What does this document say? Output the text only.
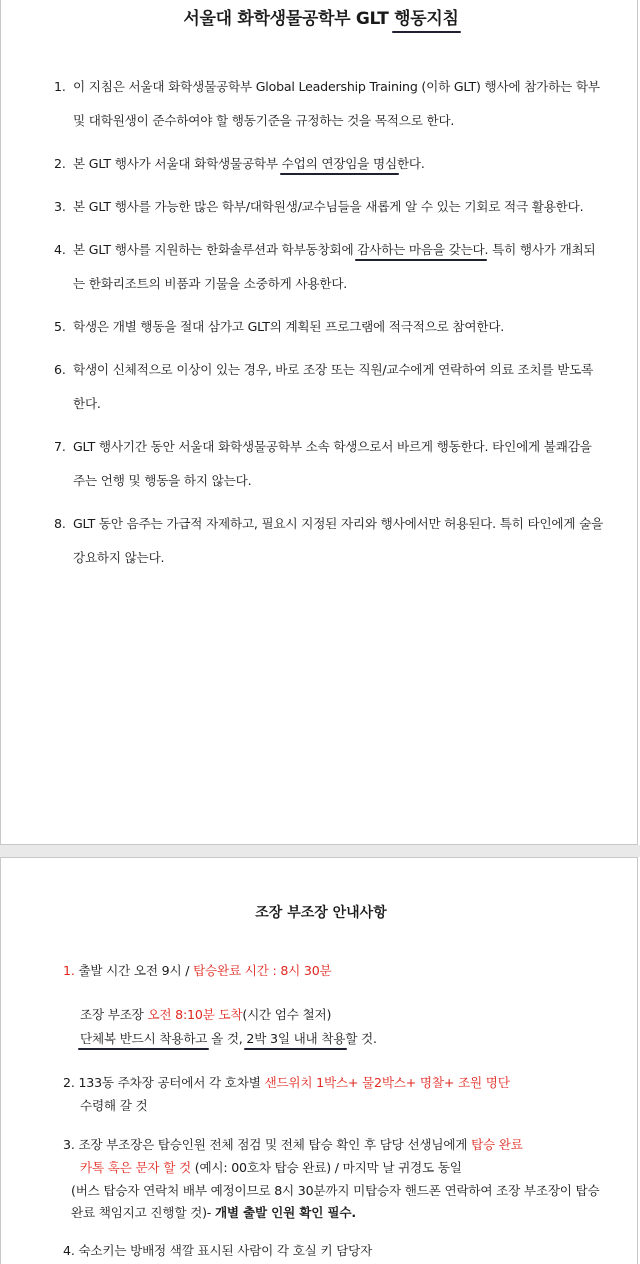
서울대 화학생물공학부 GLT 행동지침
1. 이 지침은 서울대 화학생물공학부 Global Leadership Training (이하 GLT) 행사에 참가하는 학부 및 대학원생이 준수하여야 할 행동기준을 규정하는 것을 목적으로 한다.
2. 본 GLT 행사가 서울대 화학생물공학부 수업의 연장임을 명심한다.
3. 본 GLT 행사를 가능한 많은 학부/대학원생/교수님들을 새롭게 알 수 있는 기회로 적극 활용한다.
4. 본 GLT 행사를 지원하는 한화솔루션과 학부동창회에 감사하는 마음을 갖는다. 특히 행사가 개최되는 한화리조트의 비품과 기물을 소중하게 사용한다.
5. 학생은 개별 행동을 절대 삼가고 GLT의 계획된 프로그램에 적극적으로 참여한다.
6. 학생이 신체적으로 이상이 있는 경우, 바로 조장 또는 직원/교수에게 연락하여 의료 조치를 받도록 한다.
7. GLT 행사기간 동안 서울대 화학생물공학부 소속 학생으로서 바르게 행동한다. 타인에게 불쾌감을 주는 언행 및 행동을 하지 않는다.
8. GLT 동안 음주는 가급적 자제하고, 필요시 지정된 자리와 행사에서만 허용된다. 특히 타인에게 술을 강요하지 않는다.
조장 부조장 안내사항
1. 출발 시간 오전 9시 / 탑승완료 시간 : 8시 30분
조장 부조장 오전 8:10분 도착(시간 엄수 철저)
단체복 반드시 착용하고 올 것, 2박 3일 내내 착용할 것.
2. 133동 주차장 공터에서 각 호차별 샌드위치 1박스+ 물2박스+ 명찰+ 조원 명단
수령해 갈 것
3. 조장 부조장은 탑승인원 전체 점검 및 전체 탑승 확인 후 담당 선생님에게 탑승 완료
카톡 혹은 문자 할 것 (예시: 00호차 탑승 완료) / 마지막 날 귀경도 동일
(버스 탑승자 연락처 배부 예정이므로 8시 30분까지 미탑승자 핸드폰 연락하여 조장 부조장이 탑승 완료 책임지고 진행할 것)- 개별 출발 인원 확인 필수.
4. 숙소키는 방배정 색깔 표시된 사람이 각 호실 키 담당자
